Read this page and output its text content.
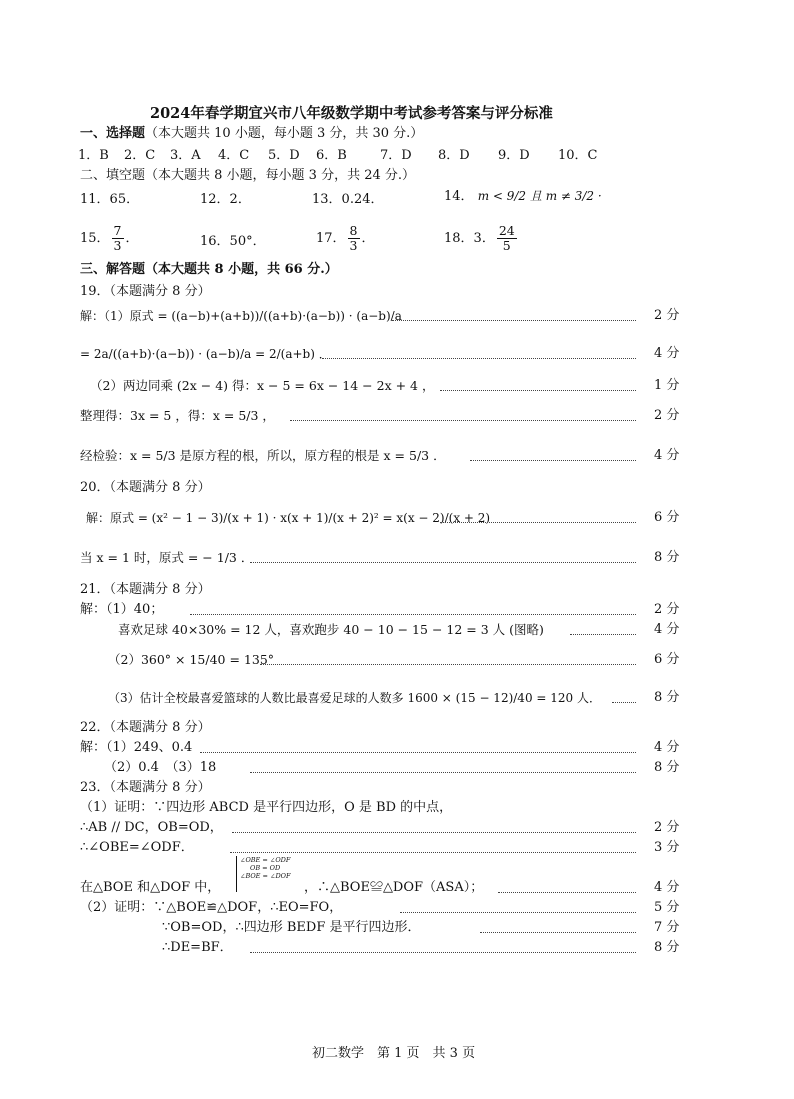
2024年春学期宜兴市八年级数学期中考试参考答案与评分标准
一、选择题（本大题共 10 小题，每小题 3 分，共 30 分.）
1．B 2．C 3．A 4．C 5．D 6．B	7．D 8．D 9．D 10．C
二、填空题（本大题共 8 小题，每小题 3 分，共 24 分.）
11．65．	12．2．	13．0.24．	14． m < 9/2 且 m ≠ 3/2 ·
15． $\frac{7}{3}$ ．	16．50°．	17． $\frac{8}{3}$ ．	18．3． $\frac{24}{5}$
三、解答题（本大题共 8 小题，共 66 分.）
19．（本题满分 8 分）
解：（1）原式 = ((a−b)+(a+b))/((a+b)·(a−b)) · (a−b)/a	2 分
= 2a/((a+b)·(a−b)) · (a−b)/a = 2/(a+b) ．	4 分
（2）两边同乘 (2x − 4) 得：x − 5 = 6x − 14 − 2x + 4 ，	1 分
整理得：3x = 5 ，得：x = 5/3 ，	2 分
经检验：x = 5/3 是原方程的根，所以，原方程的根是 x = 5/3 ．	4 分
20．（本题满分 8 分）
解：原式 = (x² − 1 − 3)/(x + 1) · x(x + 1)/(x + 2)² = x(x − 2)/(x + 2)	6 分
当 x = 1 时，原式 = − 1/3 ．	8 分
21．（本题满分 8 分）
解：（1）40；	2 分
喜欢足球 40×30% = 12 人，喜欢跑步 40 − 10 − 15 − 12 = 3 人 (图略)	4 分
（2）360° × 15/40 = 135°	6 分
（3）估计全校最喜爱篮球的人数比最喜爱足球的人数多 1600 × (15 − 12)/40 = 120 人．	8 分
22．（本题满分 8 分）
解：（1）249、0.4	4 分
（2）0.4　（3）18	8 分
23．（本题满分 8 分）
（1）证明：∵四边形 ABCD 是平行四边形，O 是 BD 的中点，
∴AB // DC，OB=OD，	2 分
∴∠OBE=∠ODF．	3 分
在△BOE 和△DOF 中，
∠OBE = ∠ODF
OB = OD
∠BOE = ∠DOF
，∴△BOE≌△DOF（ASA）；	4 分
（2）证明：∵△BOE≌△DOF，∴EO=FO，	5 分
∵OB=OD，∴四边形 BEDF 是平行四边形．	7 分
∴DE=BF．	8 分
初二数学　第 1 页　共 3 页
